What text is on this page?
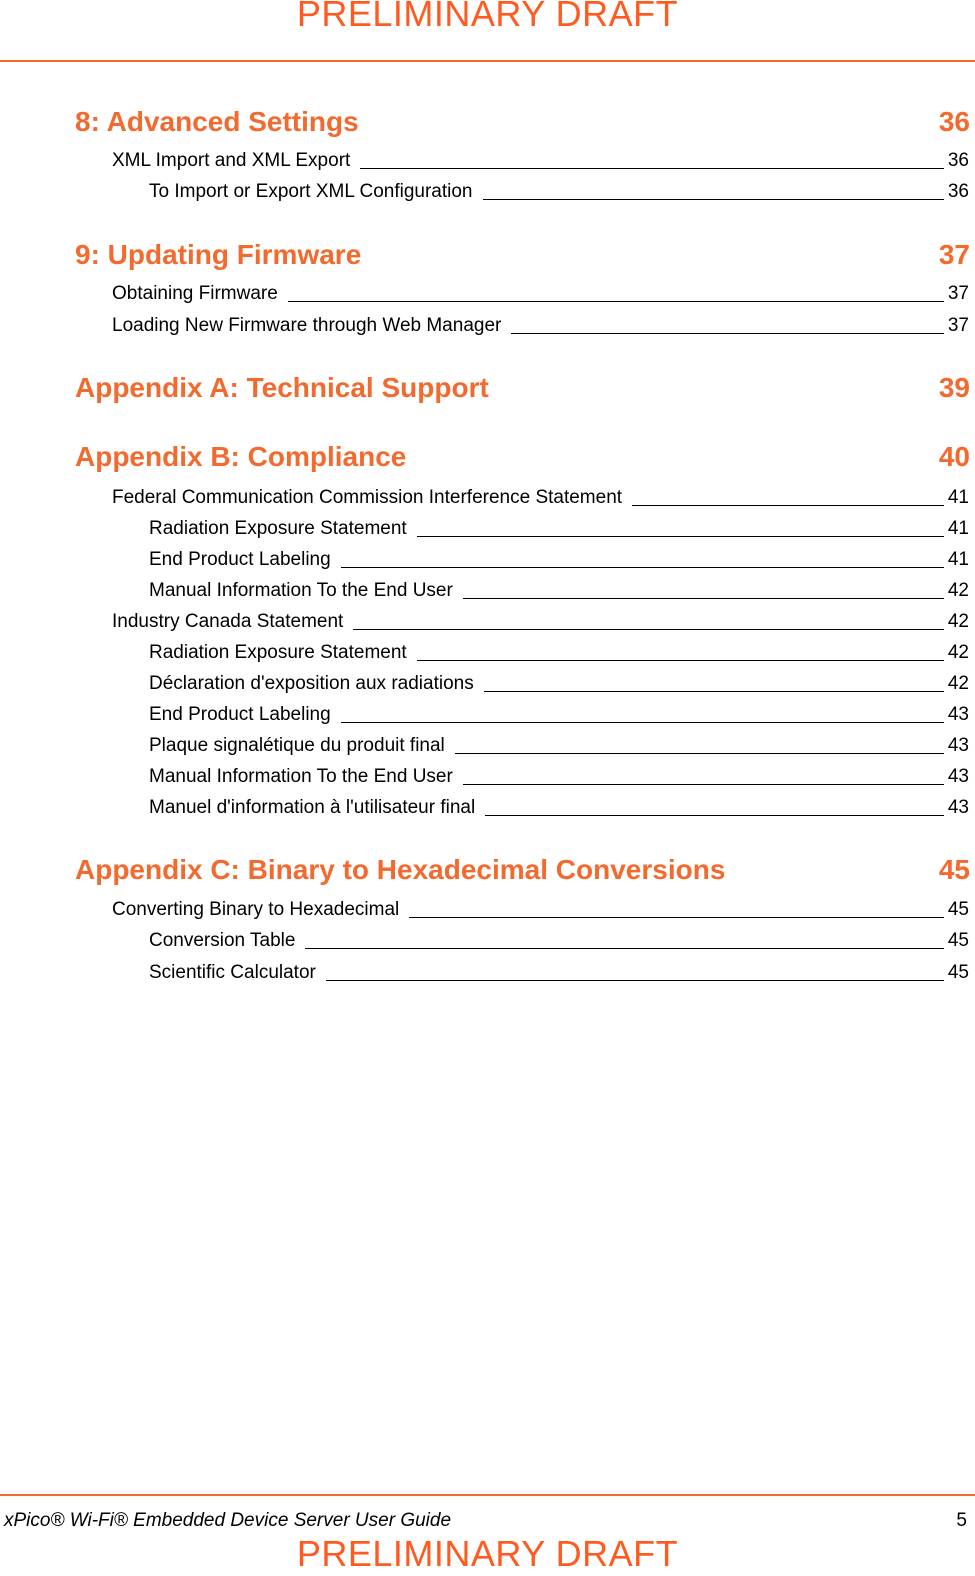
PRELIMINARY DRAFT
8: Advanced Settings	36
XML Import and XML Export	36
To Import or Export XML Configuration	36
9: Updating Firmware	37
Obtaining Firmware	37
Loading New Firmware through Web Manager	37
Appendix A: Technical Support	39
Appendix B: Compliance	40
Federal Communication Commission Interference Statement	41
Radiation Exposure Statement	41
End Product Labeling	41
Manual Information To the End User	42
Industry Canada Statement	42
Radiation Exposure Statement	42
Déclaration d'exposition aux radiations	42
End Product Labeling	43
Plaque signalétique du produit final	43
Manual Information To the End User	43
Manuel d'information à l'utilisateur final	43
Appendix C: Binary to Hexadecimal Conversions	45
Converting Binary to Hexadecimal	45
Conversion Table	45
Scientific Calculator	45
xPico® Wi-Fi® Embedded Device Server User Guide	5
PRELIMINARY DRAFT
